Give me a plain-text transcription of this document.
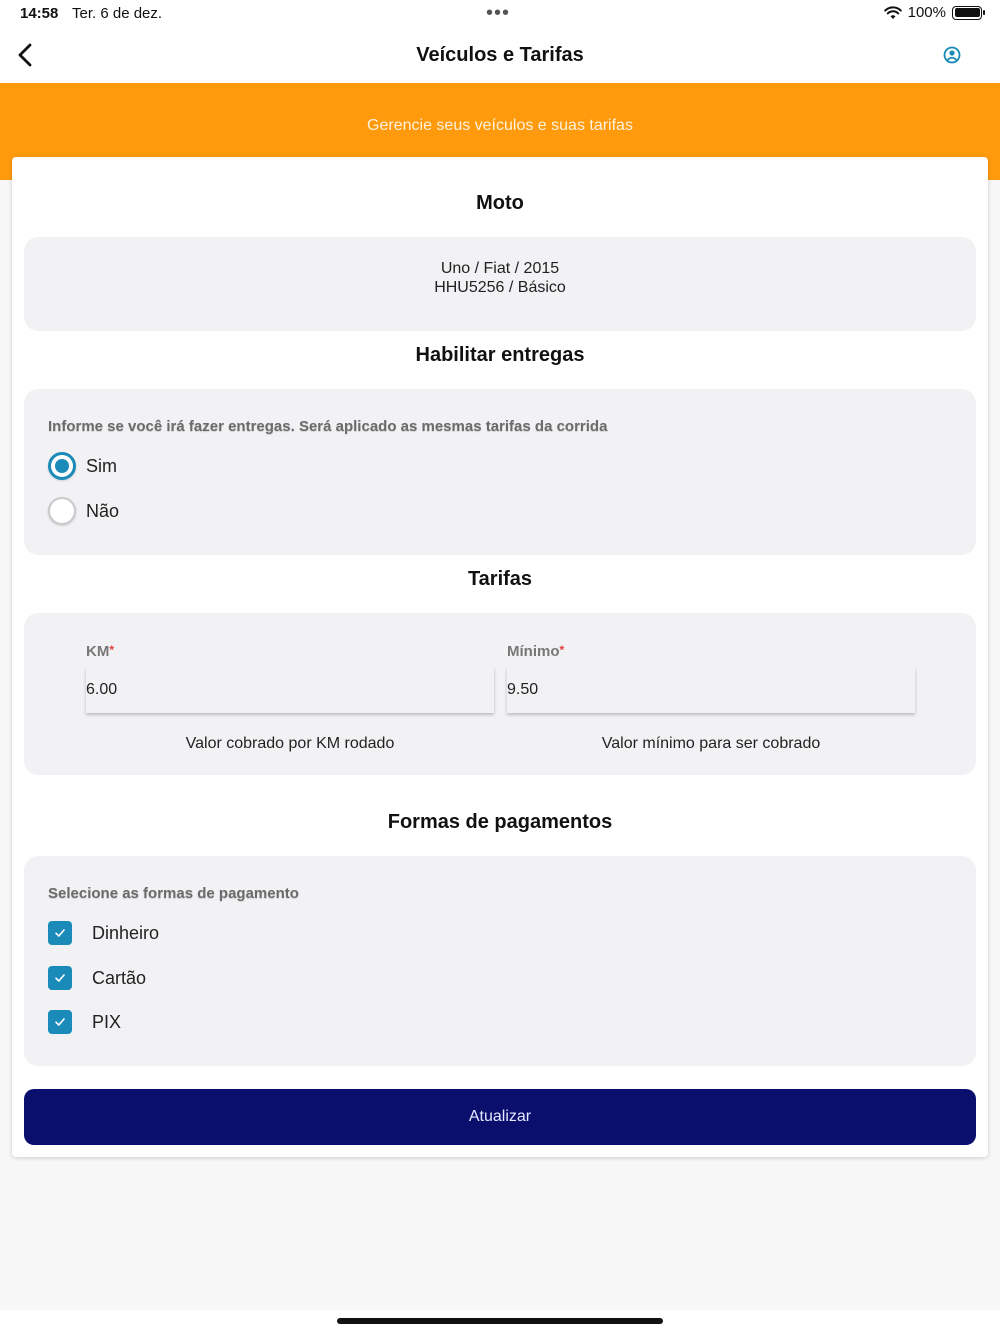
14:58 Ter. 6 de dez.	•••	100%
Veículos e Tarifas
Gerencie seus veículos e suas tarifas
Moto
Uno / Fiat / 2015
HHU5256 / Básico
Habilitar entregas
Informe se você irá fazer entregas. Será aplicado as mesmas tarifas da corrida
Sim
Não
Tarifas
KM*
6.00
Valor cobrado por KM rodado
Mínimo*
9.50
Valor mínimo para ser cobrado
Formas de pagamentos
Selecione as formas de pagamento
Dinheiro
Cartão
PIX
Atualizar
